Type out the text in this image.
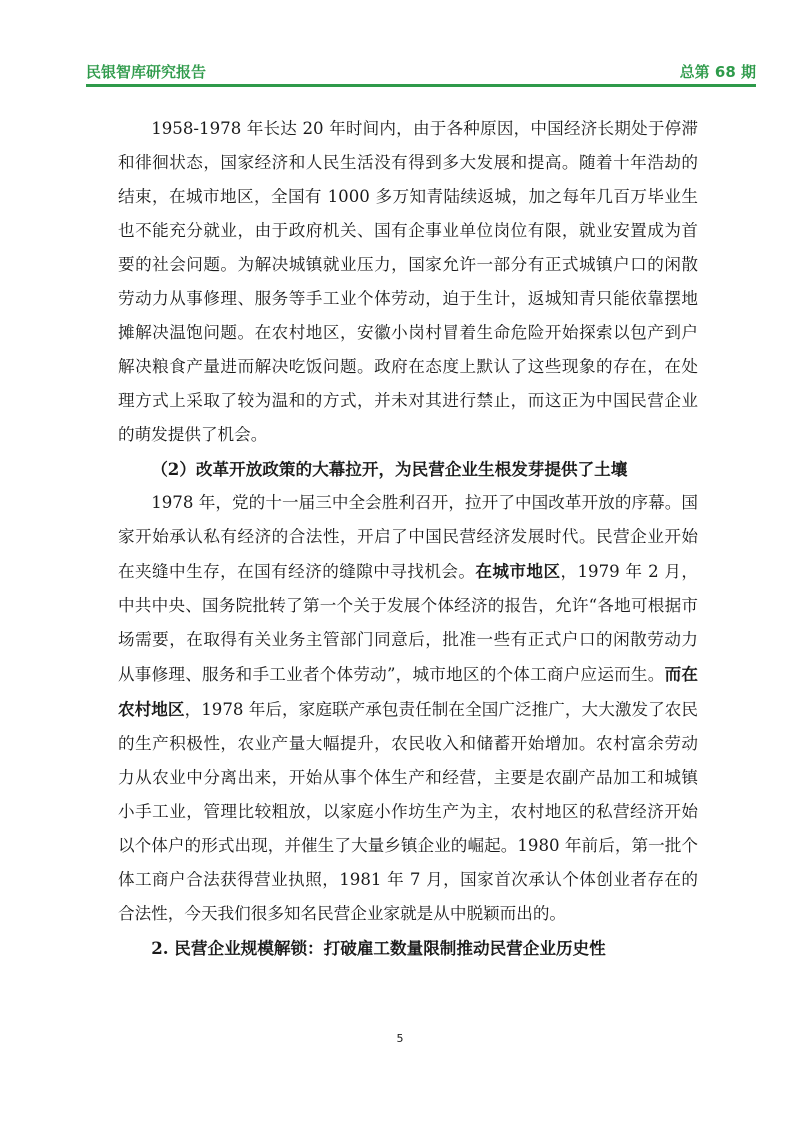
民银智库研究报告	总第 68 期

1958-1978 年长达 20 年时间内，由于各种原因，中国经济长期处于停滞和徘徊状态，国家经济和人民生活没有得到多大发展和提高。随着十年浩劫的结束，在城市地区，全国有 1000 多万知青陆续返城，加之每年几百万毕业生也不能充分就业，由于政府机关、国有企事业单位岗位有限，就业安置成为首要的社会问题。为解决城镇就业压力，国家允许一部分有正式城镇户口的闲散劳动力从事修理、服务等手工业个体劳动，迫于生计，返城知青只能依靠摆地摊解决温饱问题。在农村地区，安徽小岗村冒着生命危险开始探索以包产到户解决粮食产量进而解决吃饭问题。政府在态度上默认了这些现象的存在，在处理方式上采取了较为温和的方式，并未对其进行禁止，而这正为中国民营企业的萌发提供了机会。

（2）改革开放政策的大幕拉开，为民营企业生根发芽提供了土壤

1978 年，党的十一届三中全会胜利召开，拉开了中国改革开放的序幕。国家开始承认私有经济的合法性，开启了中国民营经济发展时代。民营企业开始在夹缝中生存，在国有经济的缝隙中寻找机会。在城市地区，1979 年 2 月，中共中央、国务院批转了第一个关于发展个体经济的报告，允许“各地可根据市场需要，在取得有关业务主管部门同意后，批准一些有正式户口的闲散劳动力从事修理、服务和手工业者个体劳动”，城市地区的个体工商户应运而生。而在农村地区，1978 年后，家庭联产承包责任制在全国广泛推广，大大激发了农民的生产积极性，农业产量大幅提升，农民收入和储蓄开始增加。农村富余劳动力从农业中分离出来，开始从事个体生产和经营，主要是农副产品加工和城镇小手工业，管理比较粗放，以家庭小作坊生产为主，农村地区的私营经济开始以个体户的形式出现，并催生了大量乡镇企业的崛起。1980 年前后，第一批个体工商户合法获得营业执照，1981 年 7 月，国家首次承认个体创业者存在的合法性，今天我们很多知名民营企业家就是从中脱颖而出的。

2. 民营企业规模解锁：打破雇工数量限制推动民营企业历史性

5
